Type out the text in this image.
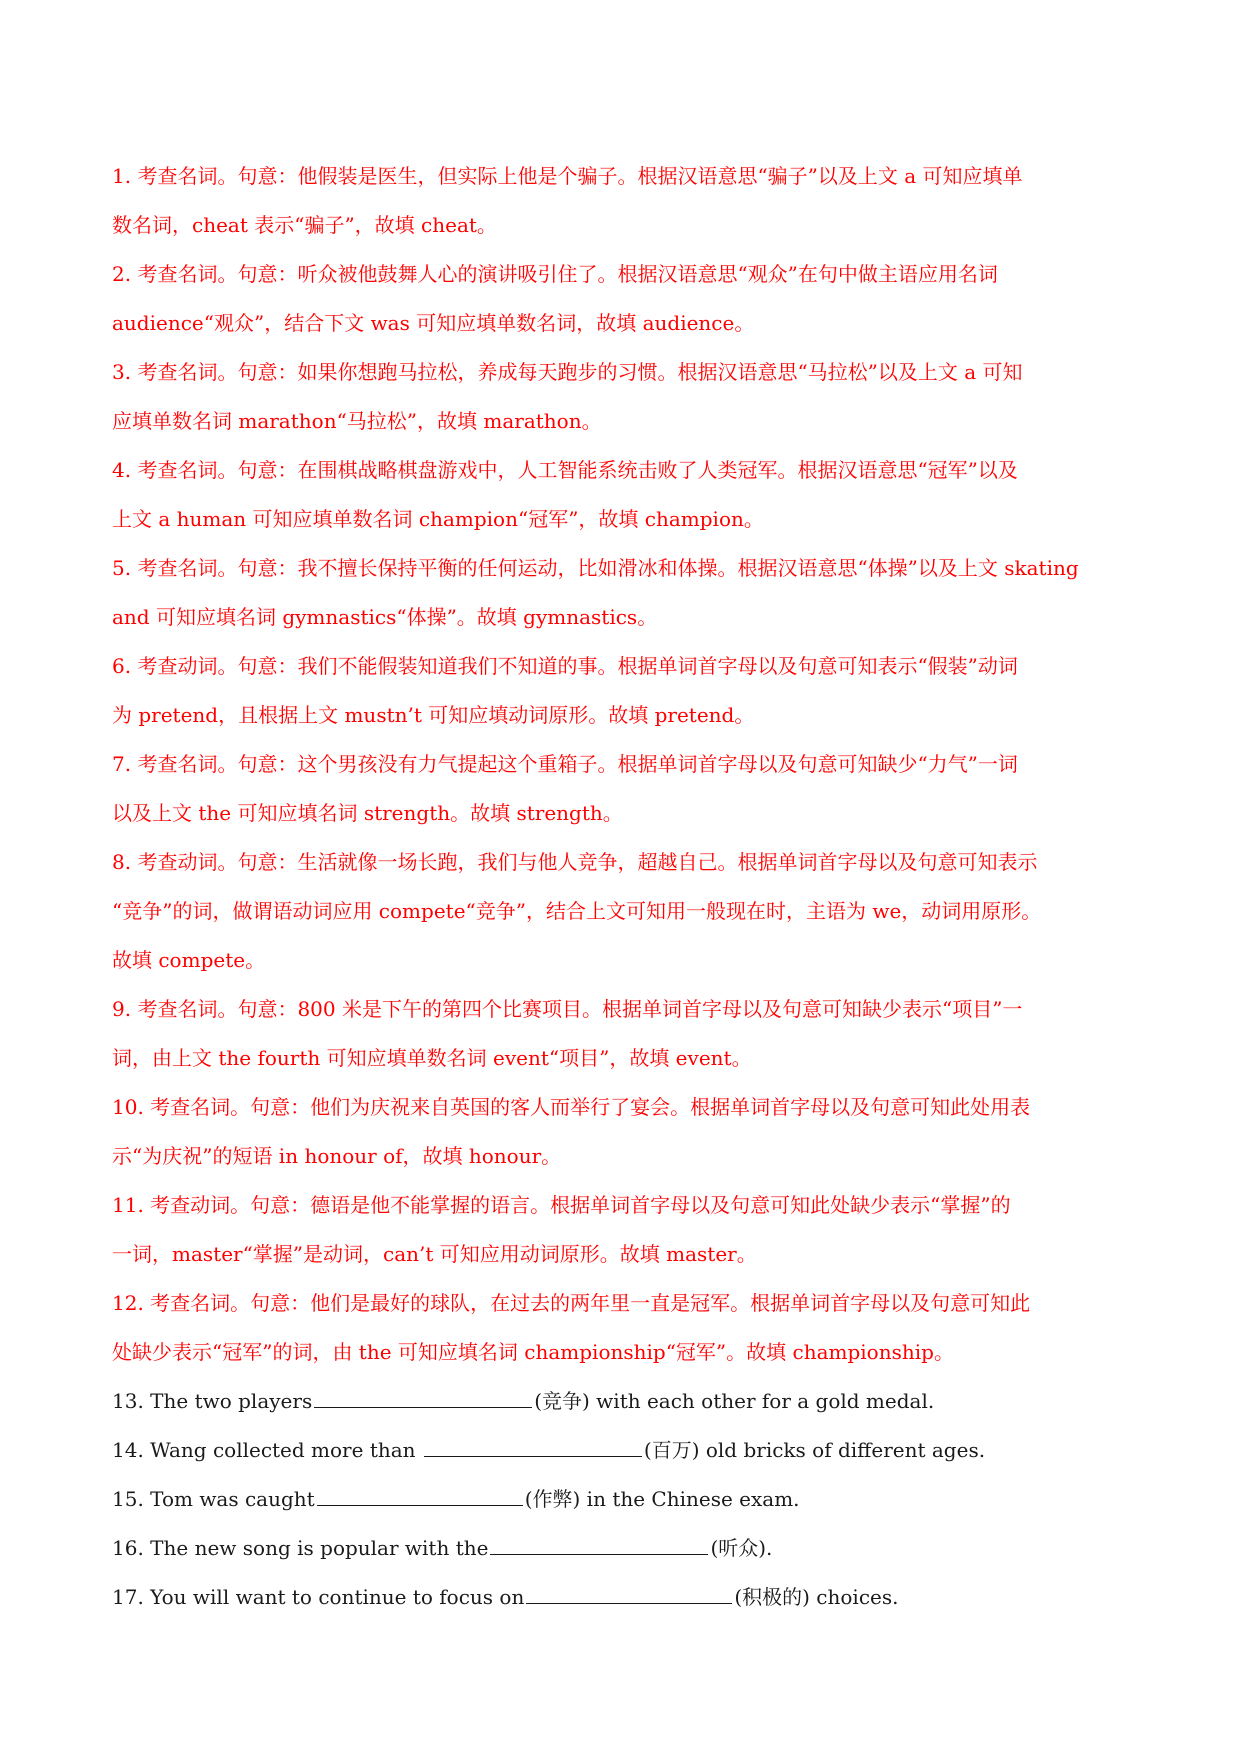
1. 考查名词。句意：他假装是医生，但实际上他是个骗子。根据汉语意思“骗子”以及上文 a 可知应填单
数名词，cheat 表示“骗子”，故填 cheat。
2. 考查名词。句意：听众被他鼓舞人心的演讲吸引住了。根据汉语意思“观众”在句中做主语应用名词
audience“观众”，结合下文 was 可知应填单数名词，故填 audience。
3. 考查名词。句意：如果你想跑马拉松，养成每天跑步的习惯。根据汉语意思“马拉松”以及上文 a 可知
应填单数名词 marathon“马拉松”，故填 marathon。
4. 考查名词。句意：在围棋战略棋盘游戏中，人工智能系统击败了人类冠军。根据汉语意思“冠军”以及
上文 a human 可知应填单数名词 champion“冠军”，故填 champion。
5. 考查名词。句意：我不擅长保持平衡的任何运动，比如滑冰和体操。根据汉语意思“体操”以及上文 skating
and 可知应填名词 gymnastics“体操”。故填 gymnastics。
6. 考查动词。句意：我们不能假装知道我们不知道的事。根据单词首字母以及句意可知表示“假装”动词
为 pretend，且根据上文 mustn’t 可知应填动词原形。故填 pretend。
7. 考查名词。句意：这个男孩没有力气提起这个重箱子。根据单词首字母以及句意可知缺少“力气”一词
以及上文 the 可知应填名词 strength。故填 strength。
8. 考查动词。句意：生活就像一场长跑，我们与他人竞争，超越自己。根据单词首字母以及句意可知表示
“竞争”的词，做谓语动词应用 compete“竞争”，结合上文可知用一般现在时，主语为 we，动词用原形。
故填 compete。
9. 考查名词。句意：800 米是下午的第四个比赛项目。根据单词首字母以及句意可知缺少表示“项目”一
词，由上文 the fourth 可知应填单数名词 event“项目”，故填 event。
10. 考查名词。句意：他们为庆祝来自英国的客人而举行了宴会。根据单词首字母以及句意可知此处用表
示“为庆祝”的短语 in honour of，故填 honour。
11. 考查动词。句意：德语是他不能掌握的语言。根据单词首字母以及句意可知此处缺少表示“掌握”的
一词，master“掌握”是动词，can’t 可知应用动词原形。故填 master。
12. 考查名词。句意：他们是最好的球队，在过去的两年里一直是冠军。根据单词首字母以及句意可知此
处缺少表示“冠军”的词，由 the 可知应填名词 championship“冠军”。故填 championship。
13. The two players	(竞争) with each other for a gold medal.
14. Wang collected more than	(百万) old bricks of different ages.
15. Tom was caught	(作弊) in the Chinese exam.
16. The new song is popular with the	(听众).
17. You will want to continue to focus on	(积极的) choices.
